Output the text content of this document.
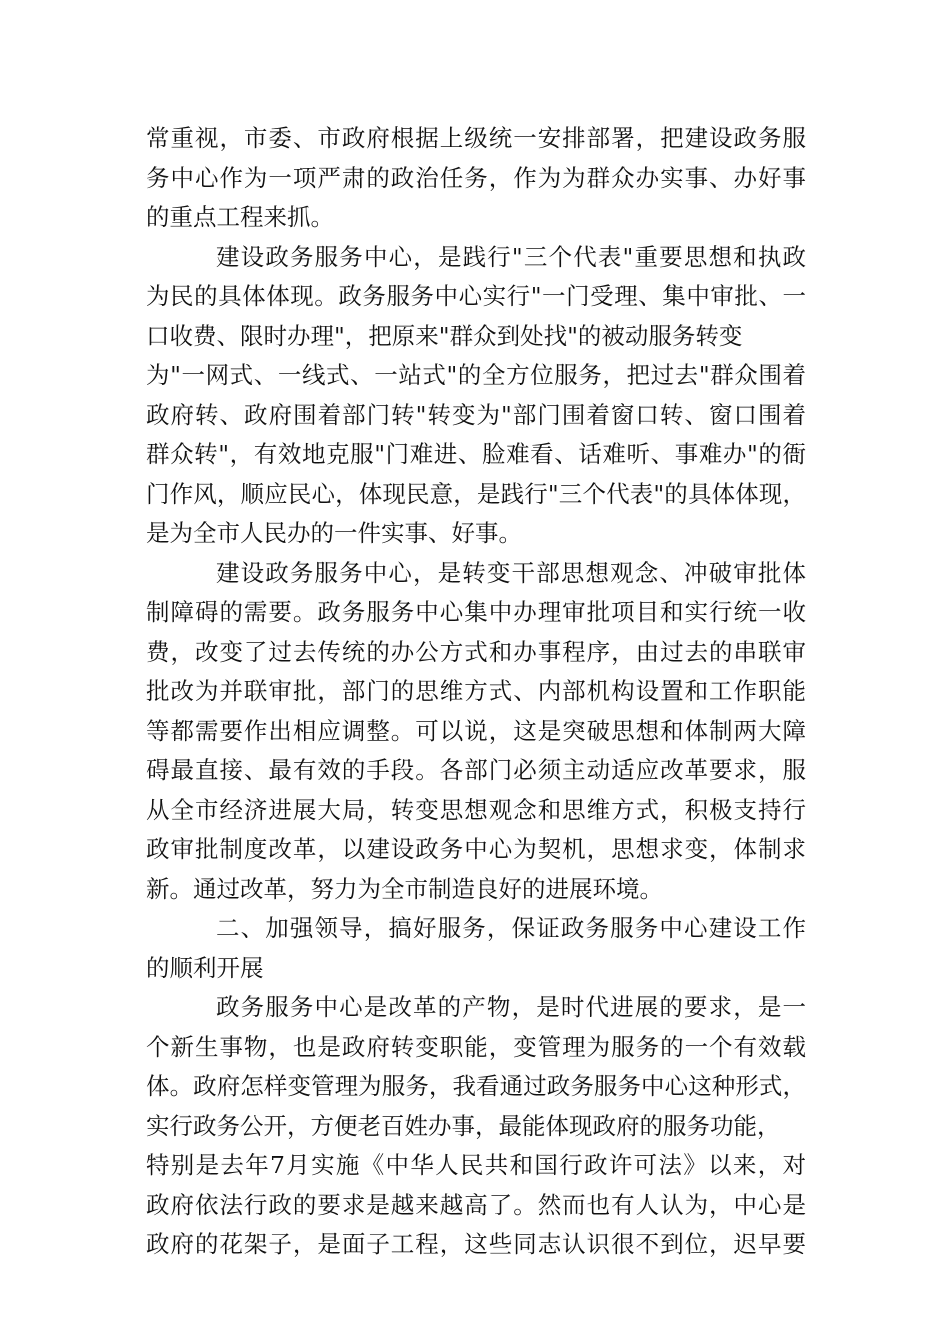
常重视，市委、市政府根据上级统一安排部署，把建设政务服
务中心作为一项严肃的政治任务，作为为群众办实事、办好事
的重点工程来抓。
建设政务服务中心，是践行"三个代表"重要思想和执政
为民的具体体现。政务服务中心实行"一门受理、集中审批、一
口收费、限时办理"，把原来"群众到处找"的被动服务转变
为"一网式、一线式、一站式"的全方位服务，把过去"群众围着
政府转、政府围着部门转"转变为"部门围着窗口转、窗口围着
群众转"，有效地克服"门难进、脸难看、话难听、事难办"的衙
门作风，顺应民心，体现民意，是践行"三个代表"的具体体现，
是为全市人民办的一件实事、好事。
建设政务服务中心，是转变干部思想观念、冲破审批体
制障碍的需要。政务服务中心集中办理审批项目和实行统一收
费，改变了过去传统的办公方式和办事程序，由过去的串联审
批改为并联审批，部门的思维方式、内部机构设置和工作职能
等都需要作出相应调整。可以说，这是突破思想和体制两大障
碍最直接、最有效的手段。各部门必须主动适应改革要求，服
从全市经济进展大局，转变思想观念和思维方式，积极支持行
政审批制度改革，以建设政务中心为契机，思想求变，体制求
新。通过改革，努力为全市制造良好的进展环境。
二、加强领导，搞好服务，保证政务服务中心建设工作
的顺利开展
政务服务中心是改革的产物，是时代进展的要求，是一
个新生事物，也是政府转变职能，变管理为服务的一个有效载
体。政府怎样变管理为服务，我看通过政务服务中心这种形式，
实行政务公开，方便老百姓办事，最能体现政府的服务功能，
特别是去年7月实施《中华人民共和国行政许可法》以来，对
政府依法行政的要求是越来越高了。然而也有人认为，中心是
政府的花架子，是面子工程，这些同志认识很不到位，迟早要
